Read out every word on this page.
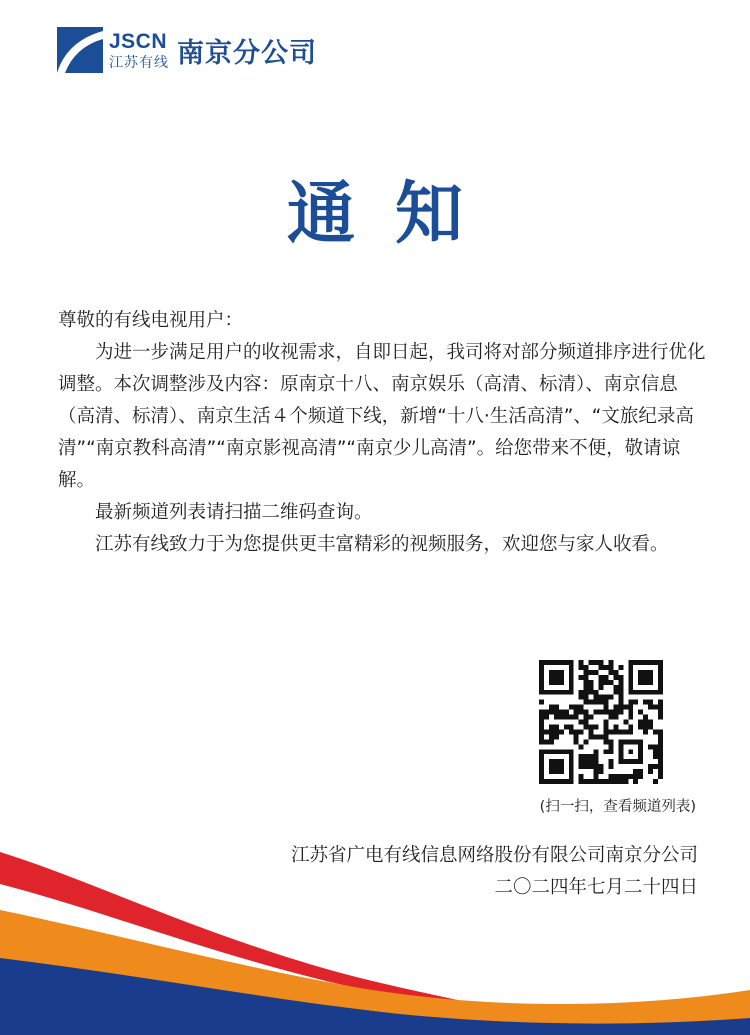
JSCN
江苏有线 南京分公司
通知

尊敬的有线电视用户：

为进一步满足用户的收视需求，自即日起，我司将对部分频道排序进行优化调整。本次调整涉及内容：原南京十八、南京娱乐（高清、标清）、南京信息（高清、标清）、南京生活４个频道下线，新增“十八·生活高清”、“文旅纪录高清”“南京教科高清”“南京影视高清”“南京少儿高清”。给您带来不便，敬请谅解。

最新频道列表请扫描二维码查询。

江苏有线致力于为您提供更丰富精彩的视频服务，欢迎您与家人收看。

(扫一扫，查看频道列表)
江苏省广电有线信息网络股份有限公司南京分公司
二〇二四年七月二十四日
